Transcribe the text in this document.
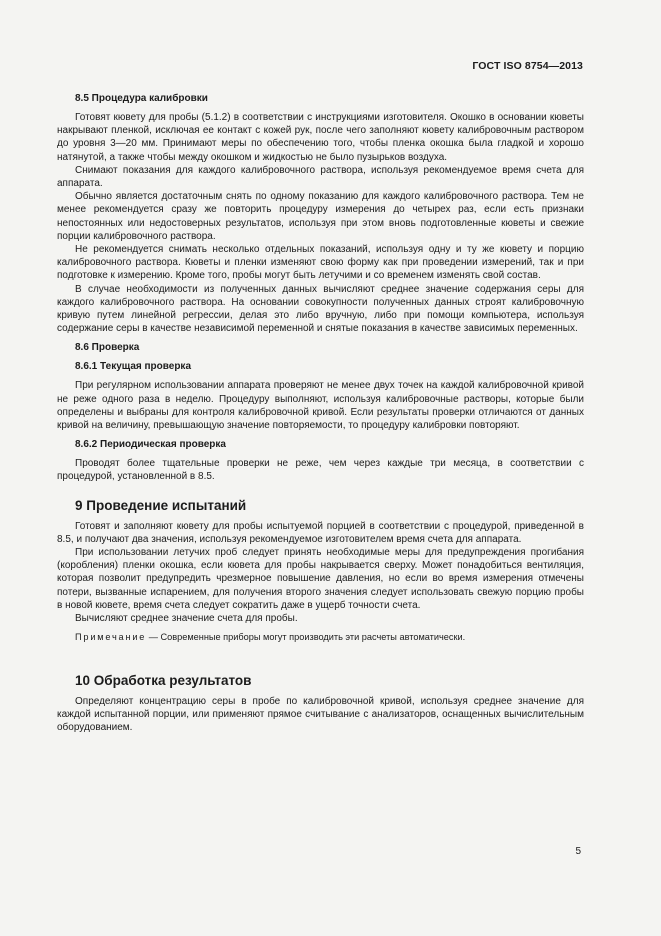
ГОСТ ISO 8754—2013
8.5 Процедура калибровки

Готовят кювету для пробы (5.1.2) в соответствии с инструкциями изготовителя. Окошко в основании кюветы накрывают пленкой, исключая ее контакт с кожей рук, после чего заполняют кювету калибровочным раствором до уровня 3—20 мм. Принимают меры по обеспечению того, чтобы пленка окошка была гладкой и хорошо натянутой, а также чтобы между окошком и жидкостью не было пузырьков воздуха.

Снимают показания для каждого калибровочного раствора, используя рекомендуемое время счета для аппарата.

Обычно является достаточным снять по одному показанию для каждого калибровочного раствора. Тем не менее рекомендуется сразу же повторить процедуру измерения до четырех раз, если есть признаки непостоянных или недостоверных результатов, используя при этом вновь подготовленные кюветы и свежие порции калибровочного раствора.

Не рекомендуется снимать несколько отдельных показаний, используя одну и ту же кювету и порцию калибровочного раствора. Кюветы и пленки изменяют свою форму как при проведении измерений, так и при подготовке к измерению. Кроме того, пробы могут быть летучими и со временем изменять свой состав.

В случае необходимости из полученных данных вычисляют среднее значение содержания серы для каждого калибровочного раствора. На основании совокупности полученных данных строят калибровочную кривую путем линейной регрессии, делая это либо вручную, либо при помощи компьютера, используя содержание серы в качестве независимой переменной и снятые показания в качестве зависимых переменных.

8.6 Проверка
8.6.1 Текущая проверка

При регулярном использовании аппарата проверяют не менее двух точек на каждой калибровочной кривой не реже одного раза в неделю. Процедуру выполняют, используя калибровочные растворы, которые были определены и выбраны для контроля калибровочной кривой. Если результаты проверки отличаются от данных кривой на величину, превышающую значение повторяемости, то процедуру калибровки повторяют.

8.6.2 Периодическая проверка

Проводят более тщательные проверки не реже, чем через каждые три месяца, в соответствии с процедурой, установленной в 8.5.

9 Проведение испытаний

Готовят и заполняют кювету для пробы испытуемой порцией в соответствии с процедурой, приведенной в 8.5, и получают два значения, используя рекомендуемое изготовителем время счета для аппарата.

При использовании летучих проб следует принять необходимые меры для предупреждения прогибания (коробления) пленки окошка, если кювета для пробы накрывается сверху. Может понадобиться вентиляция, которая позволит предупредить чрезмерное повышение давления, но если во время измерения отмечены потери, вызванные испарением, для получения второго значения следует использовать свежую порцию пробы в новой кювете, время счета следует сократить даже в ущерб точности счета.

Вычисляют среднее значение счета для пробы.

Примечание — Современные приборы могут производить эти расчеты автоматически.

10 Обработка результатов

Определяют концентрацию серы в пробе по калибровочной кривой, используя среднее значение для каждой испытанной порции, или применяют прямое считывание с анализаторов, оснащенных вычислительным оборудованием.

5
